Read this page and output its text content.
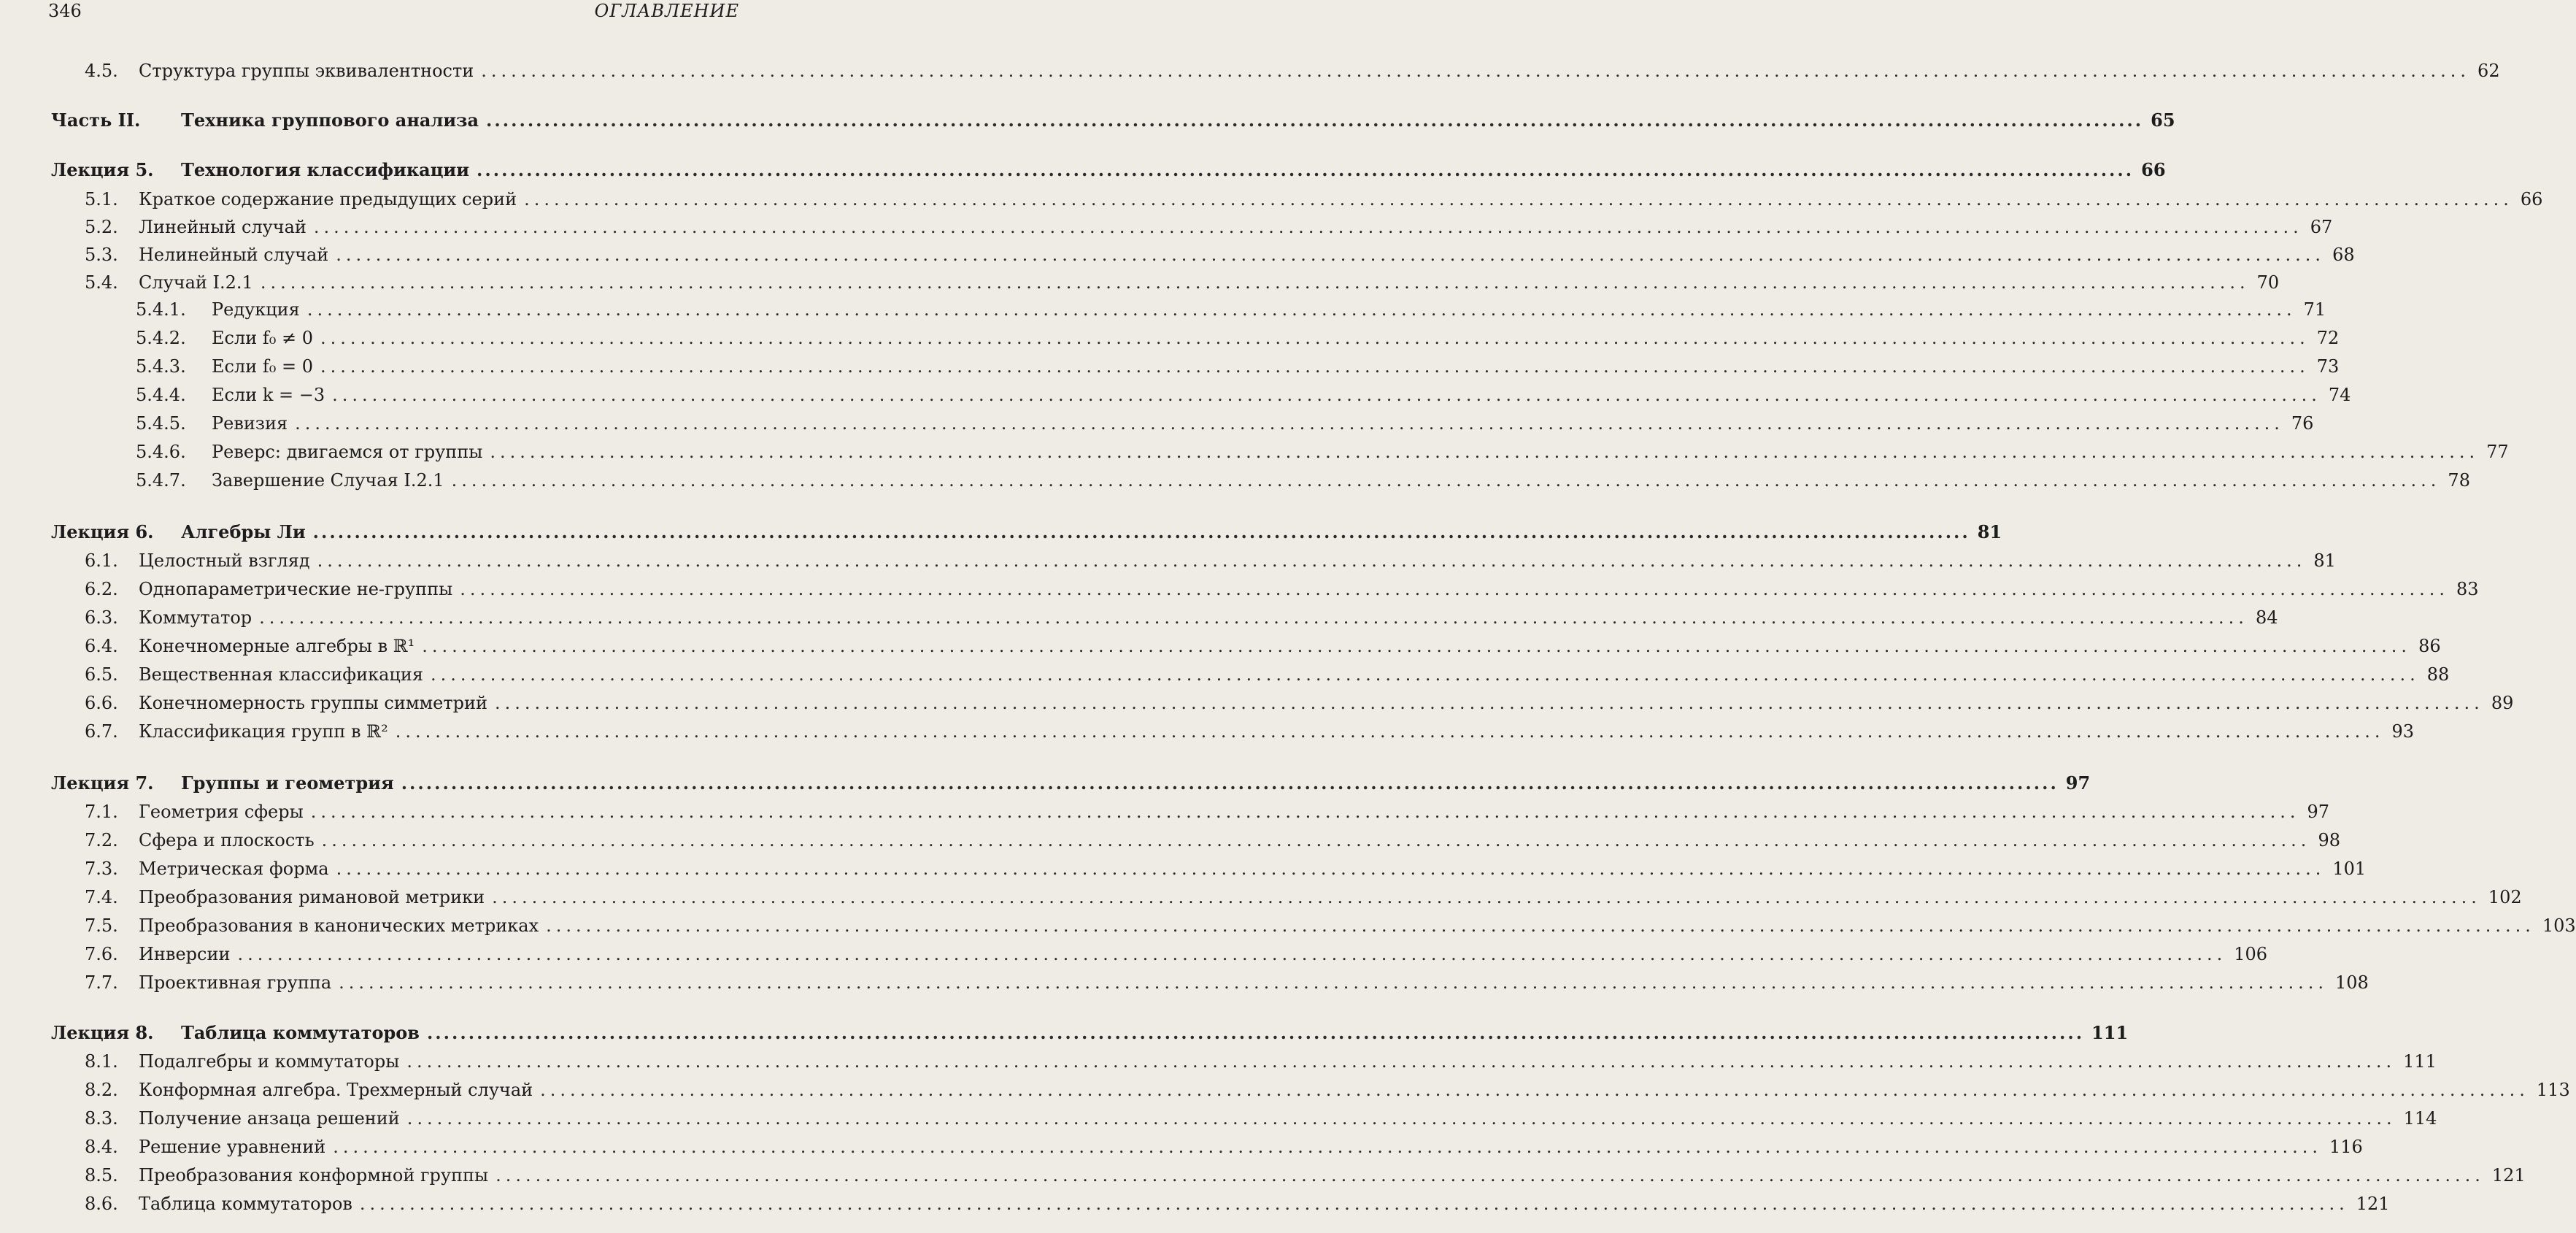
346	ОГЛАВЛЕНИЕ
4.5. Структура группы эквивалентности ........................................................................................................................................................................................................ 62
Часть II. Техника группового анализа ........................................................................................................................................................................................................ 65
Лекция 5. Технология классификации ........................................................................................................................................................................................................ 66
5.1. Краткое содержание предыдущих серий ........................................................................................................................................................................................................ 66
5.2. Линейный случай ........................................................................................................................................................................................................ 67
5.3. Нелинейный случай ........................................................................................................................................................................................................ 68
5.4. Случай I.2.1 ........................................................................................................................................................................................................ 70
5.4.1. Редукция ........................................................................................................................................................................................................ 71
5.4.2. Если f₀ ≠ 0 ........................................................................................................................................................................................................ 72
5.4.3. Если f₀ = 0 ........................................................................................................................................................................................................ 73
5.4.4. Если k = −3 ........................................................................................................................................................................................................ 74
5.4.5. Ревизия ........................................................................................................................................................................................................ 76
5.4.6. Реверс: двигаемся от группы ........................................................................................................................................................................................................ 77
5.4.7. Завершение Случая I.2.1 ........................................................................................................................................................................................................ 78
Лекция 6. Алгебры Ли ........................................................................................................................................................................................................ 81
6.1. Целостный взгляд ........................................................................................................................................................................................................ 81
6.2. Однопараметрические не-группы ........................................................................................................................................................................................................ 83
6.3. Коммутатор ........................................................................................................................................................................................................ 84
6.4. Конечномерные алгебры в ℝ¹ ........................................................................................................................................................................................................ 86
6.5. Вещественная классификация ........................................................................................................................................................................................................ 88
6.6. Конечномерность группы симметрий ........................................................................................................................................................................................................ 89
6.7. Классификация групп в ℝ² ........................................................................................................................................................................................................ 93
Лекция 7. Группы и геометрия ........................................................................................................................................................................................................ 97
7.1. Геометрия сферы ........................................................................................................................................................................................................ 97
7.2. Сфера и плоскость ........................................................................................................................................................................................................ 98
7.3. Метрическая форма ........................................................................................................................................................................................................ 101
7.4. Преобразования римановой метрики ........................................................................................................................................................................................................ 102
7.5. Преобразования в канонических метриках ........................................................................................................................................................................................................ 103
7.6. Инверсии ........................................................................................................................................................................................................ 106
7.7. Проективная группа ........................................................................................................................................................................................................ 108
Лекция 8. Таблица коммутаторов ........................................................................................................................................................................................................ 111
8.1. Подалгебры и коммутаторы ........................................................................................................................................................................................................ 111
8.2. Конформная алгебра. Трехмерный случай ........................................................................................................................................................................................................ 113
8.3. Получение анзаца решений ........................................................................................................................................................................................................ 114
8.4. Решение уравнений ........................................................................................................................................................................................................ 116
8.5. Преобразования конформной группы ........................................................................................................................................................................................................ 121
8.6. Таблица коммутаторов ........................................................................................................................................................................................................ 121
